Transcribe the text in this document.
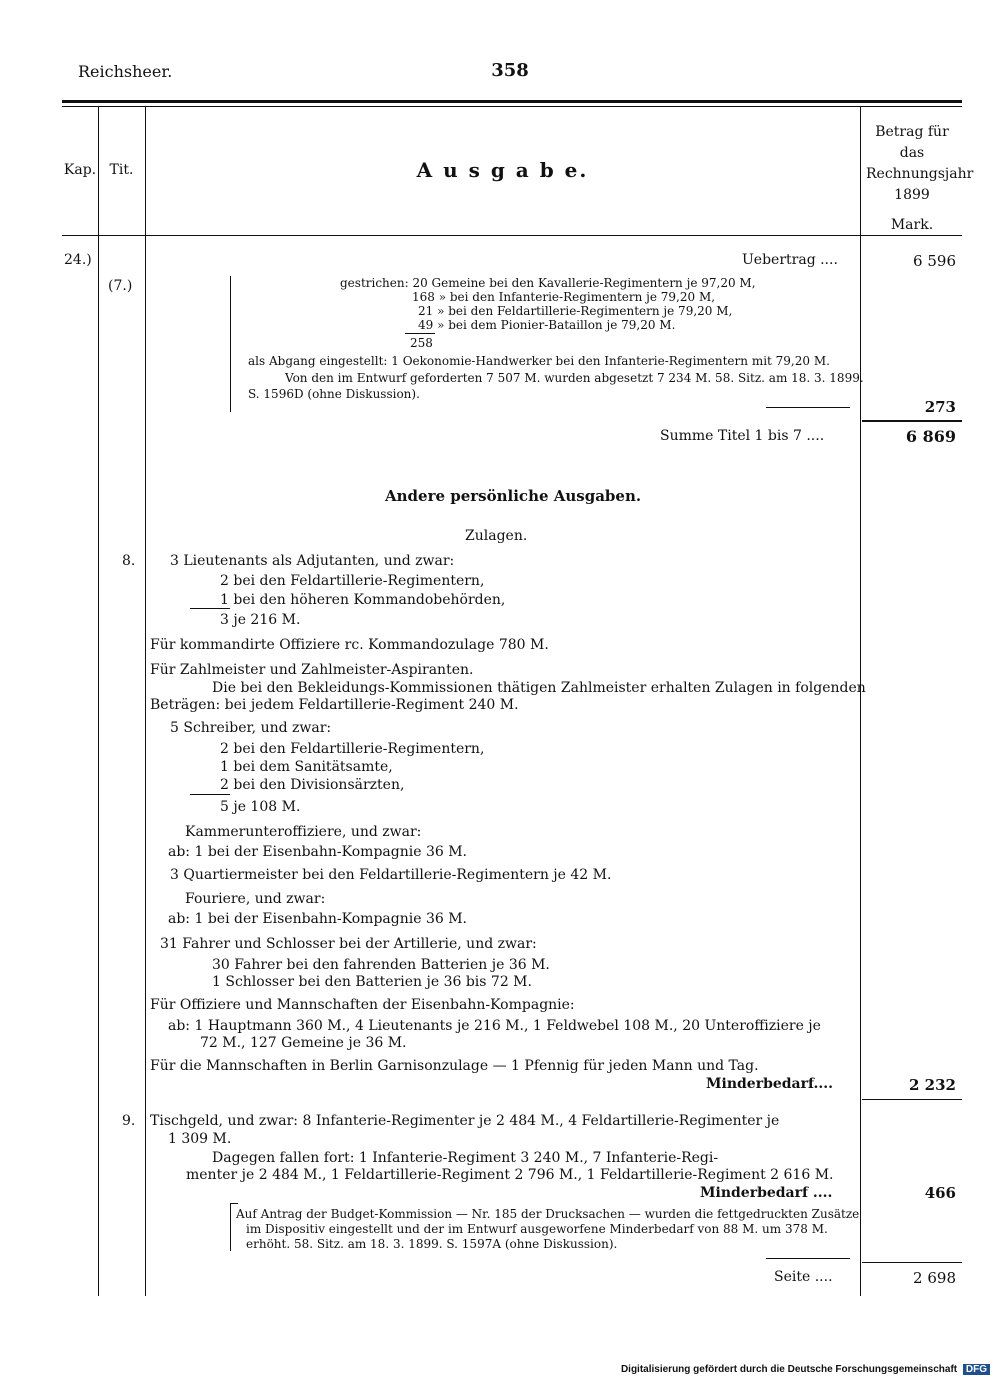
Reichsheer.	358
Kap. Tit.	A u s g a b e.
Betrag für das Rechnungsjahr 1899
Mark.
24.)
(7.)
Uebertrag ....	6 596
gestrichen: 20 Gemeine bei den Kavallerie-Regimentern je 97,20 M,
168 » bei den Infanterie-Regimentern je 79,20 M,
21 » bei den Feldartillerie-Regimentern je 79,20 M,
49 » bei dem Pionier-Bataillon je 79,20 M.
258
als Abgang eingestellt: 1 Oekonomie-Handwerker bei den Infanterie-Regimentern mit 79,20 M.
Von den im Entwurf geforderten 7 507 M. wurden abgesetzt 7 234 M. 58. Sitz. am 18. 3. 1899.
S. 1596D (ohne Diskussion).
273
Summe Titel 1 bis 7 ....	6 869
Andere persönliche Ausgaben.
Zulagen.
8. 3 Lieutenants als Adjutanten, und zwar:
2 bei den Feldartillerie-Regimentern,
1 bei den höheren Kommandobehörden,
3 je 216 M.
Für kommandirte Offiziere rc. Kommandozulage 780 M.
Für Zahlmeister und Zahlmeister-Aspiranten.
Die bei den Bekleidungs-Kommissionen thätigen Zahlmeister erhalten Zulagen in folgenden
Beträgen: bei jedem Feldartillerie-Regiment 240 M.
5 Schreiber, und zwar:
2 bei den Feldartillerie-Regimentern,
1 bei dem Sanitätsamte,
2 bei den Divisionsärzten,
5 je 108 M.
Kammerunteroffiziere, und zwar:
ab: 1 bei der Eisenbahn-Kompagnie 36 M.
3 Quartiermeister bei den Feldartillerie-Regimentern je 42 M.
Fouriere, und zwar:
ab: 1 bei der Eisenbahn-Kompagnie 36 M.
31 Fahrer und Schlosser bei der Artillerie, und zwar:
30 Fahrer bei den fahrenden Batterien je 36 M.
1 Schlosser bei den Batterien je 36 bis 72 M.
Für Offiziere und Mannschaften der Eisenbahn-Kompagnie:
ab: 1 Hauptmann 360 M., 4 Lieutenants je 216 M., 1 Feldwebel 108 M., 20 Unteroffiziere je
72 M., 127 Gemeine je 36 M.
Für die Mannschaften in Berlin Garnisonzulage — 1 Pfennig für jeden Mann und Tag.
Minderbedarf....	2 232
9. Tischgeld, und zwar: 8 Infanterie-Regimenter je 2 484 M., 4 Feldartillerie-Regimenter je
1 309 M.
Dagegen fallen fort: 1 Infanterie-Regiment 3 240 M., 7 Infanterie-Regi-
menter je 2 484 M., 1 Feldartillerie-Regiment 2 796 M., 1 Feldartillerie-Regiment 2 616 M.
Minderbedarf ....	466
Auf Antrag der Budget-Kommission — Nr. 185 der Drucksachen — wurden die fettgedruckten Zusätze
im Dispositiv eingestellt und der im Entwurf ausgeworfene Minderbedarf von 88 M. um 378 M.
erhöht. 58. Sitz. am 18. 3. 1899. S. 1597A (ohne Diskussion).
Seite ....	2 698
Digitalisierung gefördert durch die Deutsche Forschungsgemeinschaft DFG
